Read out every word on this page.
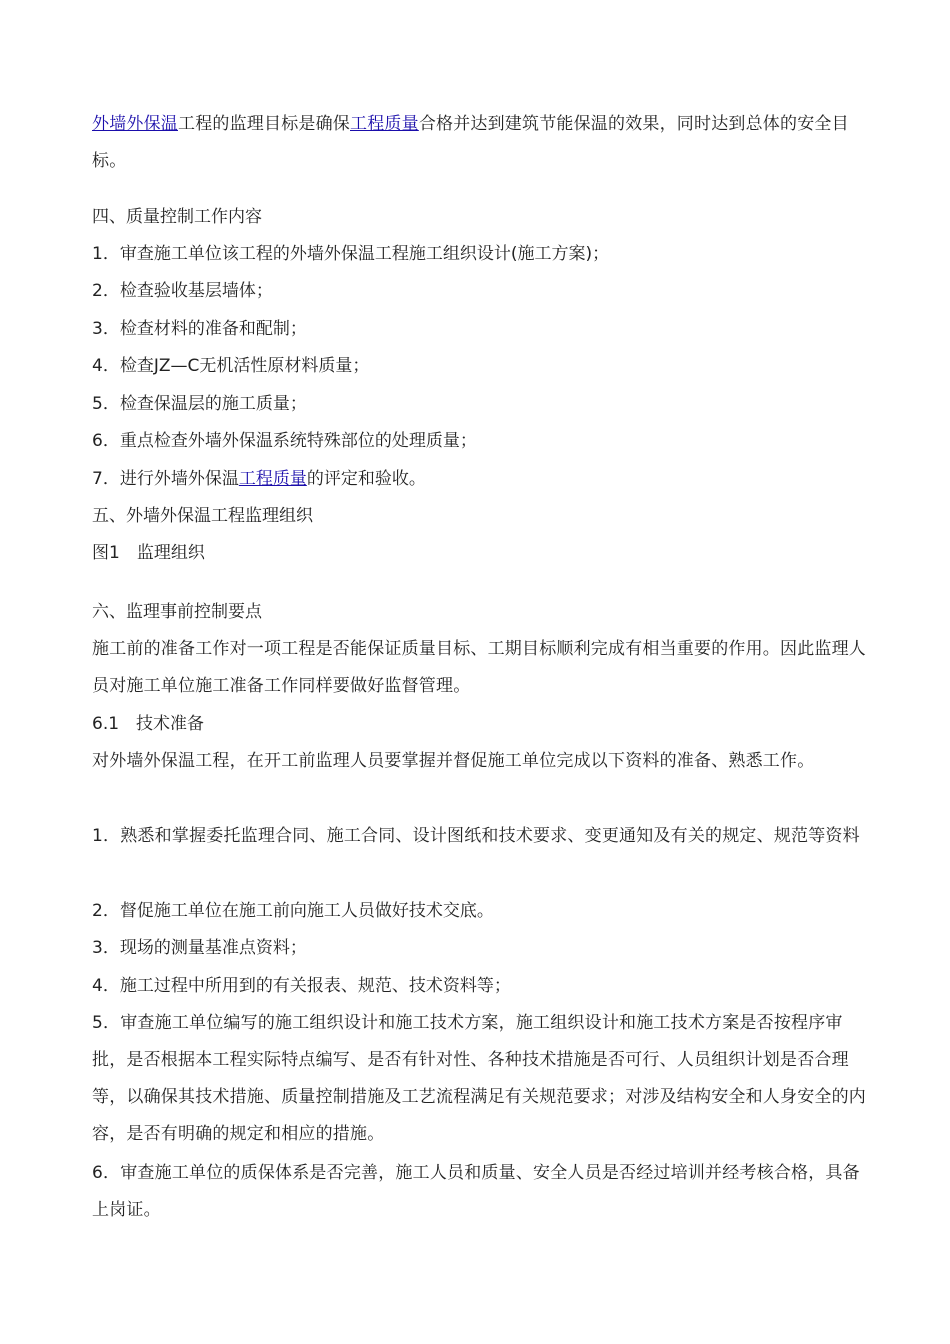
外墙外保温工程的监理目标是确保工程质量合格并达到建筑节能保温的效果，同时达到总体的安全目标。

四、质量控制工作内容

1．审查施工单位该工程的外墙外保温工程施工组织设计(施工方案)；

2．检查验收基层墙体；

3．检查材料的准备和配制；

4．检查JZ—C无机活性原材料质量；

5．检查保温层的施工质量；

6．重点检查外墙外保温系统特殊部位的处理质量；

7．进行外墙外保温工程质量的评定和验收。

五、外墙外保温工程监理组织

图1　监理组织

六、监理事前控制要点

施工前的准备工作对一项工程是否能保证质量目标、工期目标顺利完成有相当重要的作用。因此监理人员对施工单位施工准备工作同样要做好监督管理。

6.1　技术准备

对外墙外保温工程，在开工前监理人员要掌握并督促施工单位完成以下资料的准备、熟悉工作。

1．熟悉和掌握委托监理合同、施工合同、设计图纸和技术要求、变更通知及有关的规定、规范等资料

2．督促施工单位在施工前向施工人员做好技术交底。

3．现场的测量基准点资料；

4．施工过程中所用到的有关报表、规范、技术资料等；

5．审查施工单位编写的施工组织设计和施工技术方案，施工组织设计和施工技术方案是否按程序审批，是否根据本工程实际特点编写、是否有针对性、各种技术措施是否可行、人员组织计划是否合理等，以确保其技术措施、质量控制措施及工艺流程满足有关规范要求；对涉及结构安全和人身安全的内容，是否有明确的规定和相应的措施。

6．审查施工单位的质保体系是否完善，施工人员和质量、安全人员是否经过培训并经考核合格，具备上岗证。
